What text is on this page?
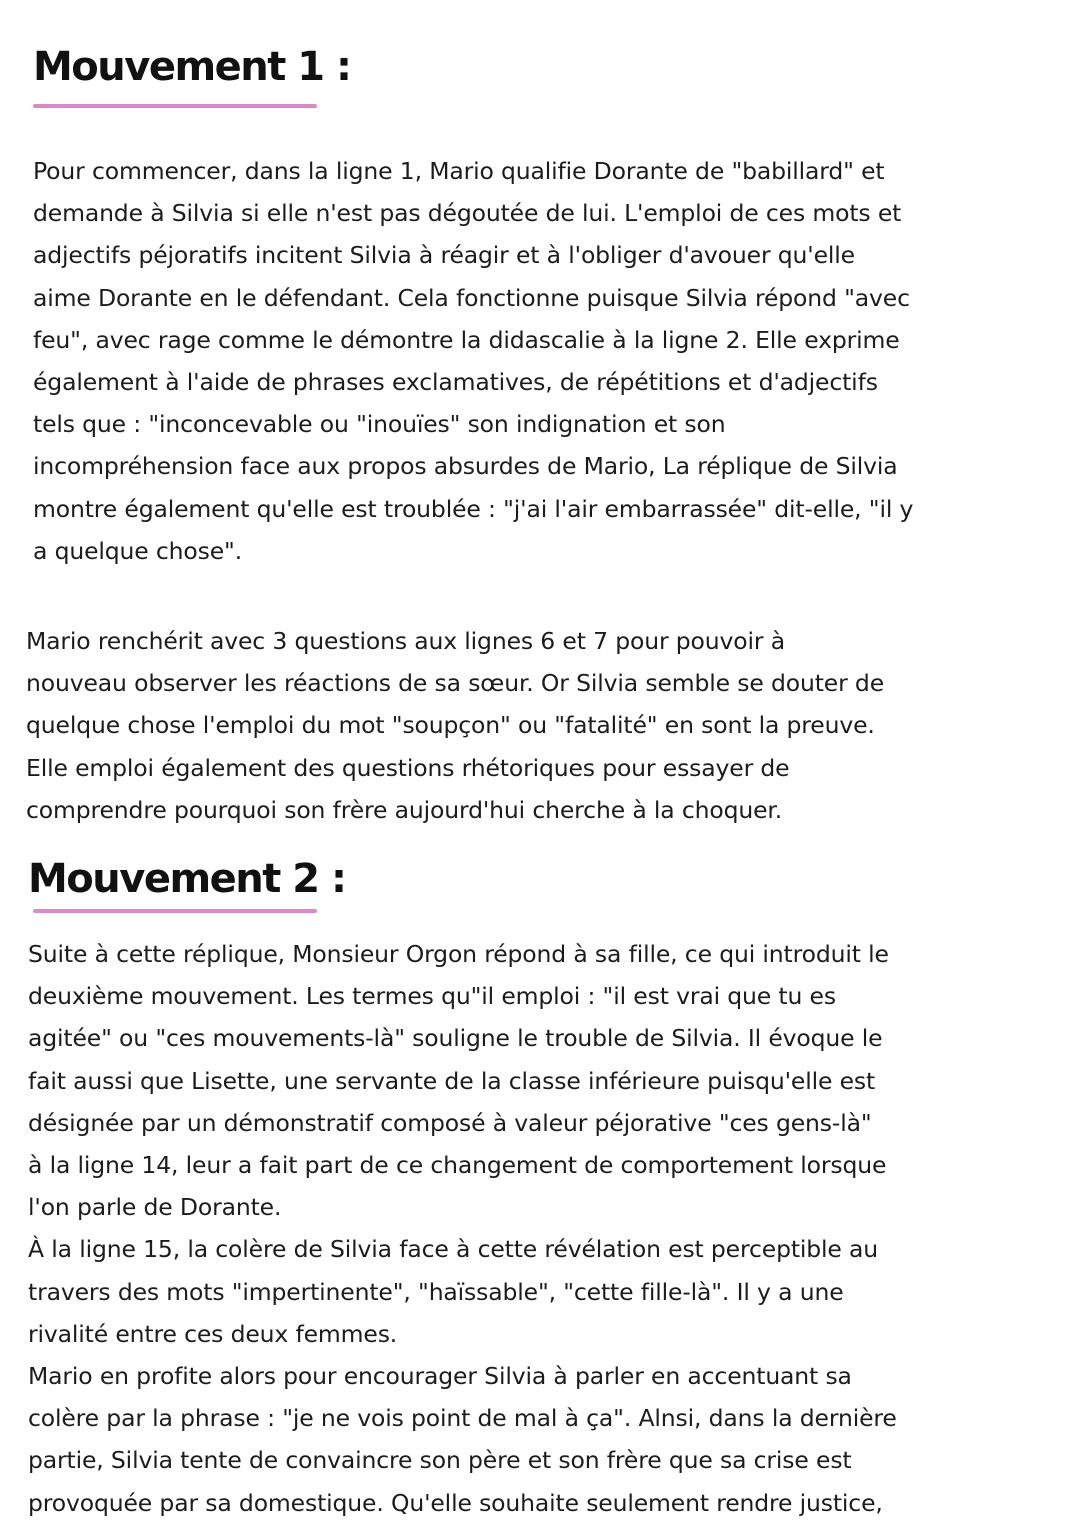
Mouvement 1 :

Pour commencer, dans la ligne 1, Mario qualifie Dorante de "babillard" et
demande à Silvia si elle n'est pas dégoutée de lui. L'emploi de ces mots et
adjectifs péjoratifs incitent Silvia à réagir et à l'obliger d'avouer qu'elle
aime Dorante en le défendant. Cela fonctionne puisque Silvia répond "avec
feu", avec rage comme le démontre la didascalie à la ligne 2. Elle exprime
également à l'aide de phrases exclamatives, de répétitions et d'adjectifs
tels que : "inconcevable ou "inouïes" son indignation et son
incompréhension face aux propos absurdes de Mario, La réplique de Silvia
montre également qu'elle est troublée : "j'ai l'air embarrassée" dit-elle, "il y
a quelque chose".

Mario renchérit avec 3 questions aux lignes 6 et 7 pour pouvoir à
nouveau observer les réactions de sa sœur. Or Silvia semble se douter de
quelque chose l'emploi du mot "soupçon" ou "fatalité" en sont la preuve.
Elle emploi également des questions rhétoriques pour essayer de
comprendre pourquoi son frère aujourd'hui cherche à la choquer.

Mouvement 2 :

Suite à cette réplique, Monsieur Orgon répond à sa fille, ce qui introduit le
deuxième mouvement. Les termes qu"il emploi : "il est vrai que tu es
agitée" ou "ces mouvements-là" souligne le trouble de Silvia. Il évoque le
fait aussi que Lisette, une servante de la classe inférieure puisqu'elle est
désignée par un démonstratif composé à valeur péjorative "ces gens-là"
à la ligne 14, leur a fait part de ce changement de comportement lorsque
l'on parle de Dorante.
À la ligne 15, la colère de Silvia face à cette révélation est perceptible au
travers des mots "impertinente", "haïssable", "cette fille-là". Il y a une
rivalité entre ces deux femmes.
Mario en profite alors pour encourager Silvia à parler en accentuant sa
colère par la phrase : "je ne vois point de mal à ça". Alnsi, dans la dernière
partie, Silvia tente de convaincre son père et son frère que sa crise est
provoquée par sa domestique. Qu'elle souhaite seulement rendre justice,
